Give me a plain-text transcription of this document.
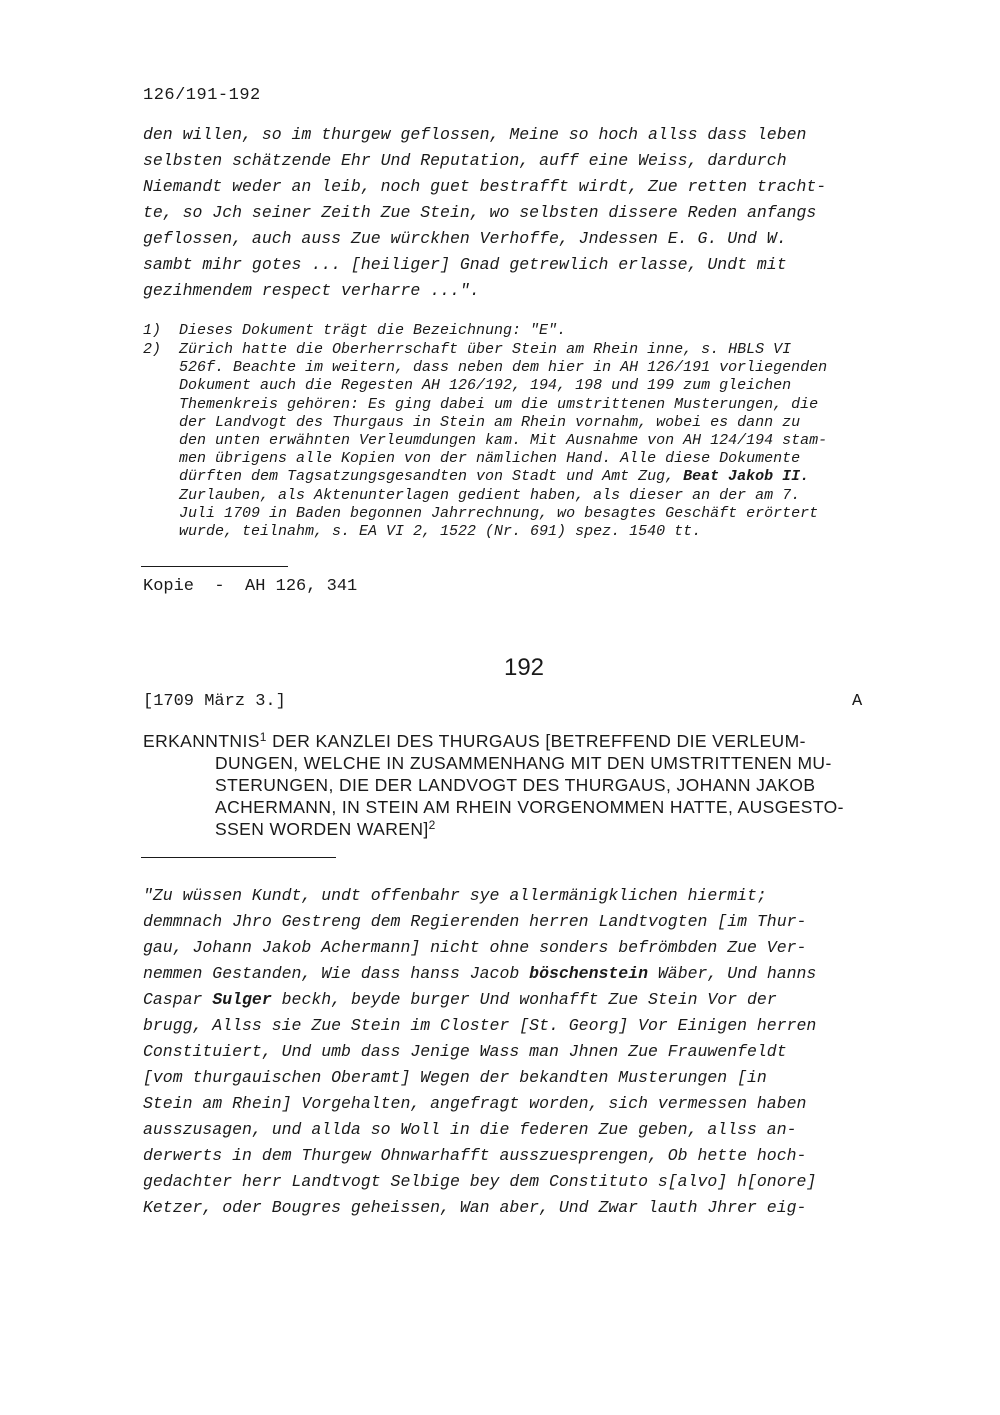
126/191-192

den willen, so im thurgew geflossen, Meine so hoch allss dass leben

selbsten schätzende Ehr Und Reputation, auff eine Weiss, dardurch

Niemandt weder an leib, noch guet bestrafft wirdt, Zue retten tracht-

te, so Jch seiner Zeith Zue Stein, wo selbsten dissere Reden anfangs

geflossen, auch auss Zue würckhen Verhoffe, Jndessen E. G. Und W.

sambt mihr gotes ... [heiliger] Gnad getrewlich erlasse, Undt mit

gezihmendem respect verharre ...".

1) Dieses Dokument trägt die Bezeichnung: "E".

2) Zürich hatte die Oberherrschaft über Stein am Rhein inne, s. HBLS VI

526f. Beachte im weitern, dass neben dem hier in AH 126/191 vorliegenden

Dokument auch die Regesten AH 126/192, 194, 198 und 199 zum gleichen

Themenkreis gehören: Es ging dabei um die umstrittenen Musterungen, die

der Landvogt des Thurgaus in Stein am Rhein vornahm, wobei es dann zu

den unten erwähnten Verleumdungen kam. Mit Ausnahme von AH 124/194 stam-

men übrigens alle Kopien von der nämlichen Hand. Alle diese Dokumente

dürften dem Tagsatzungsgesandten von Stadt und Amt Zug, Beat Jakob II.

Zurlauben, als Aktenunterlagen gedient haben, als dieser an der am 7.

Juli 1709 in Baden begonnen Jahrrechnung, wo besagtes Geschäft erörtert

wurde, teilnahm, s. EA VI 2, 1522 (Nr. 691) spez. 1540 tt.

Kopie  -  AH 126, 341
192
[1709 März 3.]	A

ERKANNTNIS$^1$ DER KANZLEI DES THURGAUS [BETREFFEND DIE VERLEUM-

DUNGEN, WELCHE IN ZUSAMMENHANG MIT DEN UMSTRITTENEN MU-

STERUNGEN, DIE DER LANDVOGT DES THURGAUS, JOHANN JAKOB

ACHERMANN, IN STEIN AM RHEIN VORGENOMMEN HATTE, AUSGESTO-

SSEN WORDEN WAREN]$^2$

"Zu wüssen Kundt, undt offenbahr sye allermänigklichen hiermit;

demmnach Jhro Gestreng dem Regierenden herren Landtvogten [im Thur-

gau, Johann Jakob Achermann] nicht ohne sonders befrömbden Zue Ver-

nemmen Gestanden, Wie dass hanss Jacob böschenstein Wäber, Und hanns

Caspar Sulger beckh, beyde burger Und wonhafft Zue Stein Vor der

brugg, Allss sie Zue Stein im Closter [St. Georg] Vor Einigen herren

Constituiert, Und umb dass Jenige Wass man Jhnen Zue Frauwenfeldt

[vom thurgauischen Oberamt] Wegen der bekandten Musterungen [in

Stein am Rhein] Vorgehalten, angefragt worden, sich vermessen haben

ausszusagen, und allda so Woll in die federen Zue geben, allss an-

derwerts in dem Thurgew Ohnwarhafft ausszuesprengen, Ob hette hoch-

gedachter herr Landtvogt Selbige bey dem Constituto s[alvo] h[onore]

Ketzer, oder Bougres geheissen, Wan aber, Und Zwar lauth Jhrer eig-
